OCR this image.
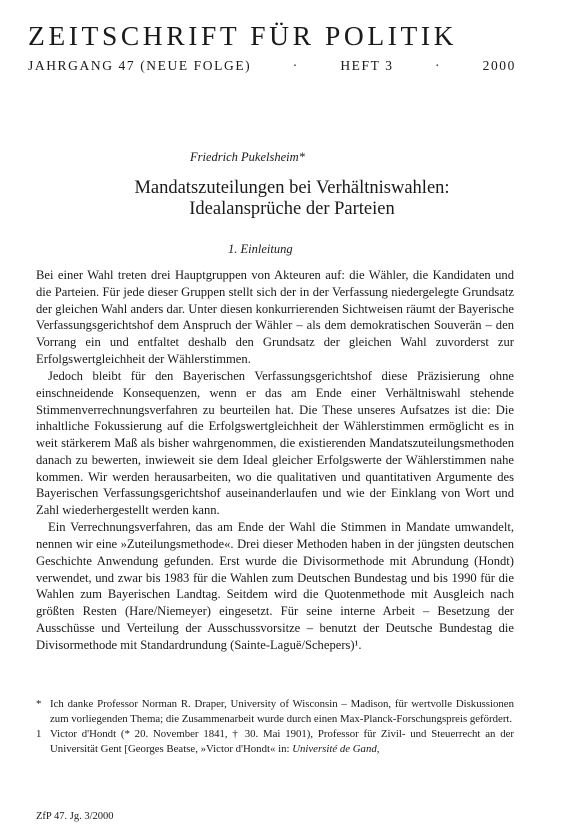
ZEITSCHRIFT FÜR POLITIK
JAHRGANG 47 (NEUE FOLGE)	·	HEFT 3	·	2000
Friedrich Pukelsheim*
Mandatszuteilungen bei Verhältniswahlen:
Idealansprüche der Parteien
1. Einleitung

Bei einer Wahl treten drei Hauptgruppen von Akteuren auf: die Wähler, die Kandidaten und die Parteien. Für jede dieser Gruppen stellt sich der in der Verfassung niedergelegte Grundsatz der gleichen Wahl anders dar. Unter diesen konkurrierenden Sichtweisen räumt der Bayerische Verfassungsgerichtshof dem Anspruch der Wähler – als dem demokratischen Souverän – den Vorrang ein und entfaltet deshalb den Grundsatz der gleichen Wahl zuvorderst zur Erfolgswertgleichheit der Wählerstimmen.

Jedoch bleibt für den Bayerischen Verfassungsgerichtshof diese Präzisierung ohne einschneidende Konsequenzen, wenn er das am Ende einer Verhältniswahl stehende Stimmenverrechnungsverfahren zu beurteilen hat. Die These unseres Aufsatzes ist die: Die inhaltliche Fokussierung auf die Erfolgswertgleichheit der Wählerstimmen ermöglicht es in weit stärkerem Maß als bisher wahrgenommen, die existierenden Mandatszuteilungsmethoden danach zu bewerten, inwieweit sie dem Ideal gleicher Erfolgswerte der Wählerstimmen nahe kommen. Wir werden herausarbeiten, wo die qualitativen und quantitativen Argumente des Bayerischen Verfassungsgerichtshof auseinanderlaufen und wie der Einklang von Wort und Zahl wiederhergestellt werden kann.

Ein Verrechnungsverfahren, das am Ende der Wahl die Stimmen in Mandate umwandelt, nennen wir eine »Zuteilungsmethode«. Drei dieser Methoden haben in der jüngsten deutschen Geschichte Anwendung gefunden. Erst wurde die Divisormethode mit Abrundung (Hondt) verwendet, und zwar bis 1983 für die Wahlen zum Deutschen Bundestag und bis 1990 für die Wahlen zum Bayerischen Landtag. Seitdem wird die Quotenmethode mit Ausgleich nach größten Resten (Hare/Niemeyer) eingesetzt. Für seine interne Arbeit – Besetzung der Ausschüsse und Verteilung der Ausschussvorsitze – benutzt der Deutsche Bundestag die Divisormethode mit Standardrundung (Sainte-Laguë/Schepers)¹.

* Ich danke Professor Norman R. Draper, University of Wisconsin – Madison, für wertvolle Diskussionen zum vorliegenden Thema; die Zusammenarbeit wurde durch einen Max-Planck-Forschungspreis gefördert.
1 Victor d'Hondt (* 20. November 1841, † 30. Mai 1901), Professor für Zivil- und Steuerrecht an der Universität Gent [Georges Beatse, »Victor d'Hondt« in: Université de Gand,
ZfP 47. Jg. 3/2000
